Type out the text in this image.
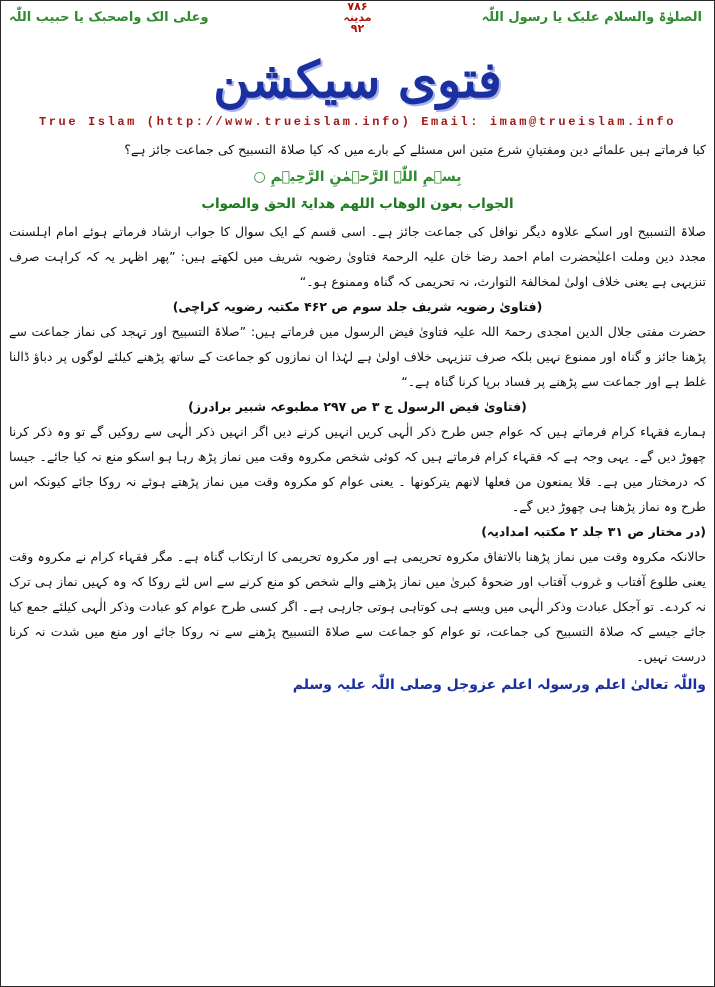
الصلوٰۃ والسلام علیک یا رسول اللّٰہ
۷۸۶
مدینہ
۹۲
وعلی الک واصحبک یا حبیب اللّٰہ
فتوی سیکشن
True Islam (http://www.trueislam.info) Email: imam@trueislam.info

کیا فرماتے ہیں علمائے دین ومفتیانِ شرع متین اس مسئلے کے بارے میں کہ کیا صلاۃ التسبیح کی جماعت جائز ہے؟

بِسۡمِ اللّٰہِ الرَّحۡمٰنِ الرَّحِیۡمِ ○

الجواب بعون الوھاب اللھم ھدایۃ الحق والصواب

صلاۃ التسبیح اور اسکے علاوہ دیگر نوافل کی جماعت جائز ہے۔ اسی قسم کے ایک سوال کا جواب ارشاد فرماتے ہوئے امام اہلسنت مجدد دین وملت اعلیٰحضرت امام احمد رضا خان علیہ الرحمۃ فتاویٰ رضویہ شریف میں لکھتے ہیں: ”پھر اظہر یہ کہ کراہت صرف تنزیہی ہے یعنی خلاف اولیٰ لمخالفۃ التوارث، نہ تحریمی کہ گناہ وممنوع ہو۔“

(فتاویٰ رضویہ شریف جلد سوم ص ۴۶۲ مکتبہ رضویہ کراچی)

حضرت مفتی جلال الدین امجدی رحمۃ اللہ علیہ فتاویٰ فیض الرسول میں فرماتے ہیں: ”صلاۃ التسبیح اور تہجد کی نماز جماعت سے پڑھنا جائز و گناہ اور ممنوع نہیں بلکہ صرف تنزیہی خلاف اولیٰ ہے لہٰذا ان نمازوں کو جماعت کے ساتھ پڑھنے کیلئے لوگوں پر دباؤ ڈالنا غلط ہے اور جماعت سے پڑھنے پر فساد برپا کرنا گناہ ہے۔“

(فتاویٰ فیض الرسول ج ۳ ص ۲۹۷ مطبوعہ شبیر برادرز)

ہمارے فقہاء کرام فرماتے ہیں کہ عوام جس طرح ذکر الٰہی کریں انہیں کرنے دیں اگر انہیں ذکر الٰہی سے روکیں گے تو وہ ذکر کرنا چھوڑ دیں گے۔ یہی وجہ ہے کہ فقہاء کرام فرماتے ہیں کہ کوئی شخص مکروہ وقت میں نماز پڑھ رہا ہو اسکو منع نہ کیا جائے۔ جیسا کہ درمختار میں ہے۔ قلا یمنعون من فعلھا لانھم یترکونھا ۔ یعنی عوام کو مکروہ وقت میں نماز پڑھتے ہوئے نہ روکا جائے کیونکہ اس طرح وہ نماز پڑھنا ہی چھوڑ دیں گے۔

(در مختار ص ۳۱ جلد ۲ مکتبہ امدادیہ)

حالانکہ مکروہ وقت میں نماز پڑھنا بالاتفاق مکروہ تحریمی ہے اور مکروہ تحریمی کا ارتکاب گناہ ہے۔ مگر فقہاء کرام نے مکروہ وقت یعنی طلوع آفتاب و غروب آفتاب اور ضحوۂ کبریٰ میں نماز پڑھنے والے شخص کو منع کرنے سے اس لئے روکا کہ وہ کہیں نماز ہی ترک نہ کردے۔ تو آجکل عبادت وذکر الٰہی میں ویسے ہی کوتاہی ہوتی جارہی ہے۔ اگر کسی طرح عوام کو عبادت وذکر الٰہی کیلئے جمع کیا جائے جیسے کہ صلاۃ التسبیح کی جماعت، تو عوام کو جماعت سے صلاۃ التسبیح پڑھنے سے نہ روکا جائے اور منع میں شدت نہ کرنا درست نہیں۔

واللّٰہ تعالیٰ اعلم ورسولہ اعلم عزوجل وصلی اللّٰہ علیہ وسلم
